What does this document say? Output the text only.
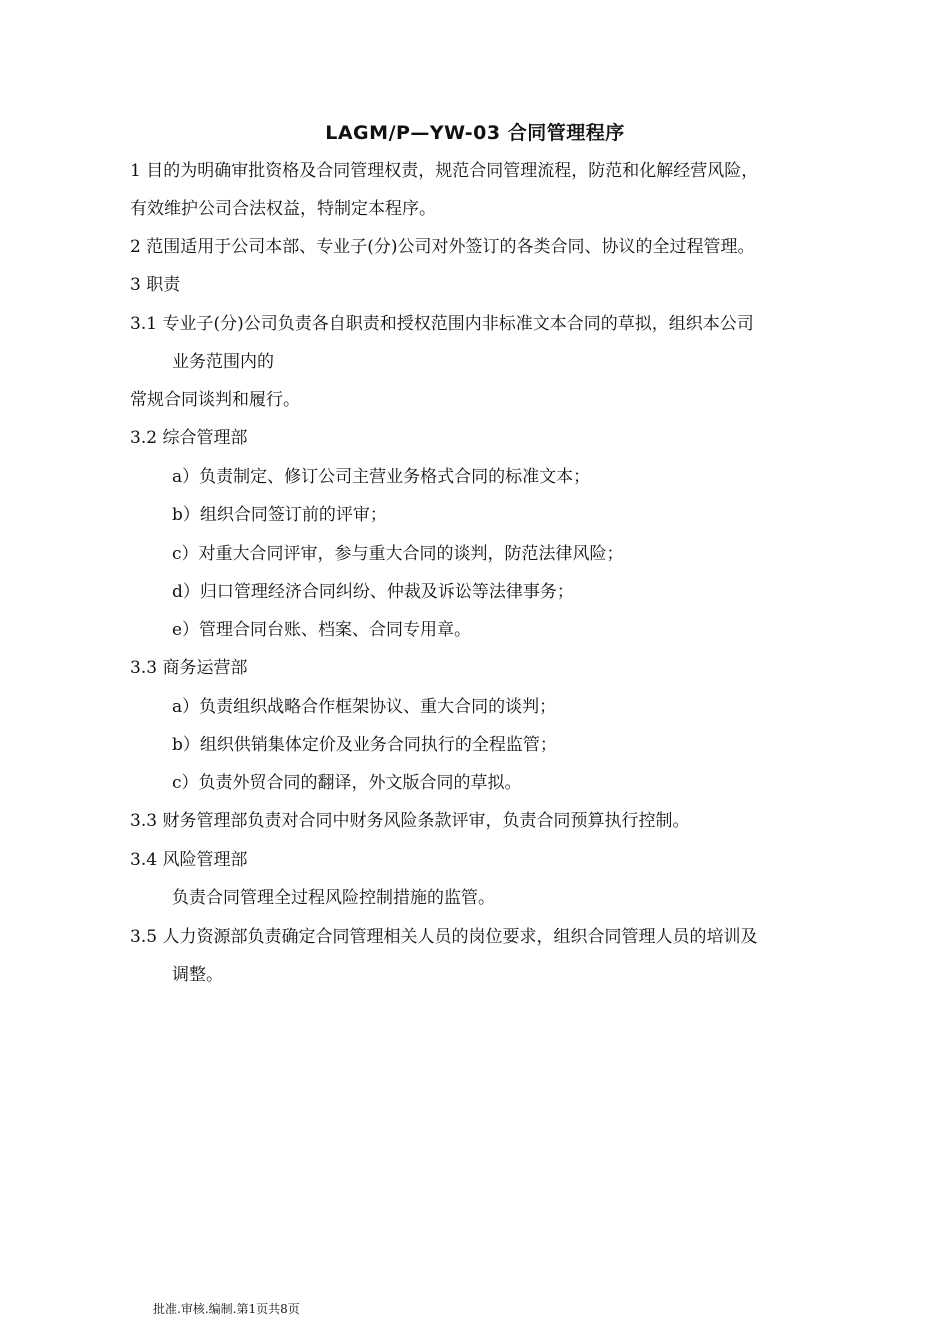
LAGM/P—YW-03 合同管理程序
1 目的为明确审批资格及合同管理权责，规范合同管理流程，防范和化解经营风险，
有效维护公司合法权益，特制定本程序。
2 范围适用于公司本部、专业子(分)公司对外签订的各类合同、协议的全过程管理。
3 职责
3.1 专业子(分)公司负责各自职责和授权范围内非标准文本合同的草拟，组织本公司
业务范围内的
常规合同谈判和履行。
3.2 综合管理部
a）负责制定、修订公司主营业务格式合同的标准文本；
b）组织合同签订前的评审；
c）对重大合同评审，参与重大合同的谈判，防范法律风险；
d）归口管理经济合同纠纷、仲裁及诉讼等法律事务；
e）管理合同台账、档案、合同专用章。
3.3 商务运营部
a）负责组织战略合作框架协议、重大合同的谈判；
b）组织供销集体定价及业务合同执行的全程监管；
c）负责外贸合同的翻译，外文版合同的草拟。
3.3 财务管理部负责对合同中财务风险条款评审，负责合同预算执行控制。
3.4 风险管理部
负责合同管理全过程风险控制措施的监管。
3.5 人力资源部负责确定合同管理相关人员的岗位要求，组织合同管理人员的培训及
调整。
批准.审核.编制.第1页共8页
